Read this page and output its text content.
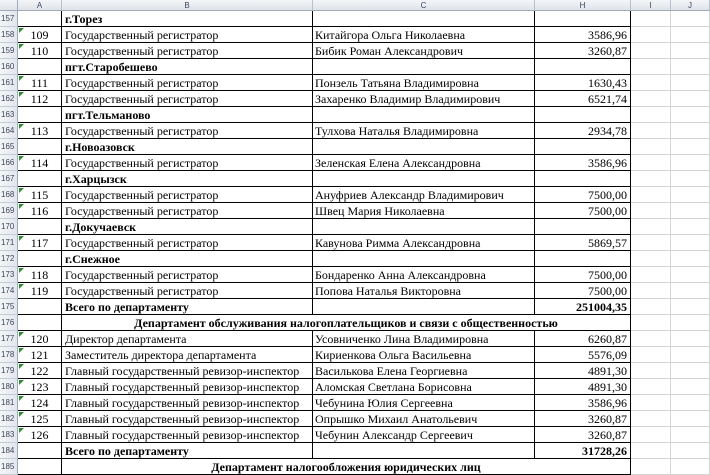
A	B	C	H	I	J
157	г.Торез
158	109	Государственный регистратор	Китайгора Ольга Николаевна	3586,96
159	110	Государственный регистратор	Бибик Роман Александрович	3260,87
160	пгт.Старобешево
161	111	Государственный регистратор	Понзель Татьяна Владимировна	1630,43
162	112	Государственный регистратор	Захаренко Владимир Владимирович	6521,74
163	пгт.Тельманово
164	113	Государственный регистратор	Тулхова Наталья Владимировна	2934,78
165	г.Новоазовск
166	114	Государственный регистратор	Зеленская Елена Александровна	3586,96
167	г.Харцызск
168	115	Государственный регистратор	Ануфриев Александр Владимирович	7500,00
169	116	Государственный регистратор	Швец Мария Николаевна	7500,00
170	г.Докучаевск
171	117	Государственный регистратор	Кавунова Римма Александровна	5869,57
172	г.Снежное
173	118	Государственный регистратор	Бондаренко Анна Александровна	7500,00
174	119	Государственный регистратор	Попова Наталья Викторовна	7500,00
175	Всего по департаменту	251004,35
176	Департамент обслуживания налогоплательщиков и связи с общественностью
177	120	Директор департамента	Усовниченко Лина Владимировна	6260,87
178	121	Заместитель директора департамента	Кириенкова Ольга Васильевна	5576,09
179	122	Главный государственный ревизор-инспектор	Василькова Елена Георгиевна	4891,30
180	123	Главный государственный ревизор-инспектор	Аломская Светлана Борисовна	4891,30
181	124	Главный государственный ревизор-инспектор	Чебунина Юлия Сергеевна	3586,96
182	125	Главный государственный ревизор-инспектор	Опрышко Михаил Анатольевич	3260,87
183	126	Главный государственный ревизор-инспектор	Чебунин Александр Сергеевич	3260,87
184	Всего по департаменту	31728,26
185	Департамент налогообложения юридических лиц
